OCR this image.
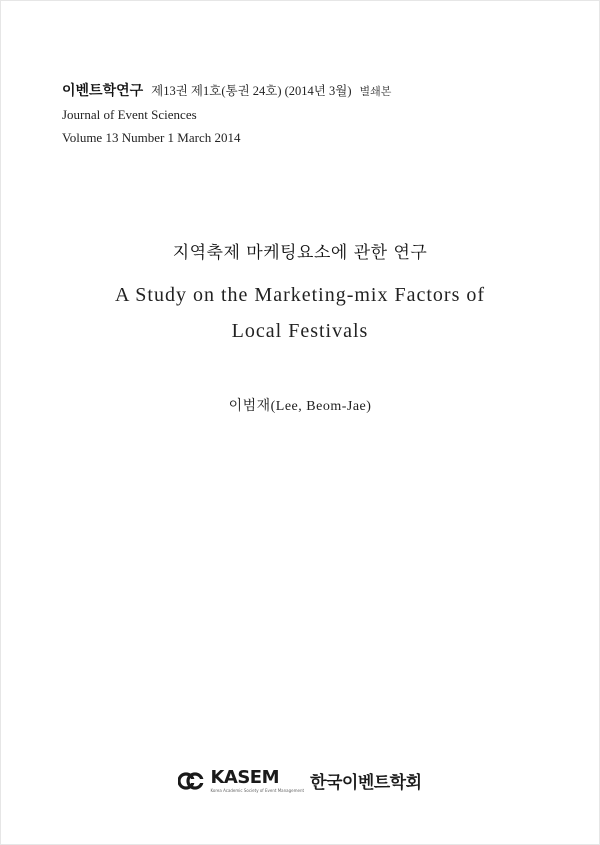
이벤트학연구 제13권 제1호(통권 24호) (2014년 3월) 별쇄본
Journal of Event Sciences
Volume 13 Number 1 March 2014
지역축제 마케팅요소에 관한 연구
A Study on the Marketing-mix Factors of
Local Festivals
이범재(Lee, Beom-Jae)
KASEM
Korea Academic Society of Event Management 한국이벤트학회
